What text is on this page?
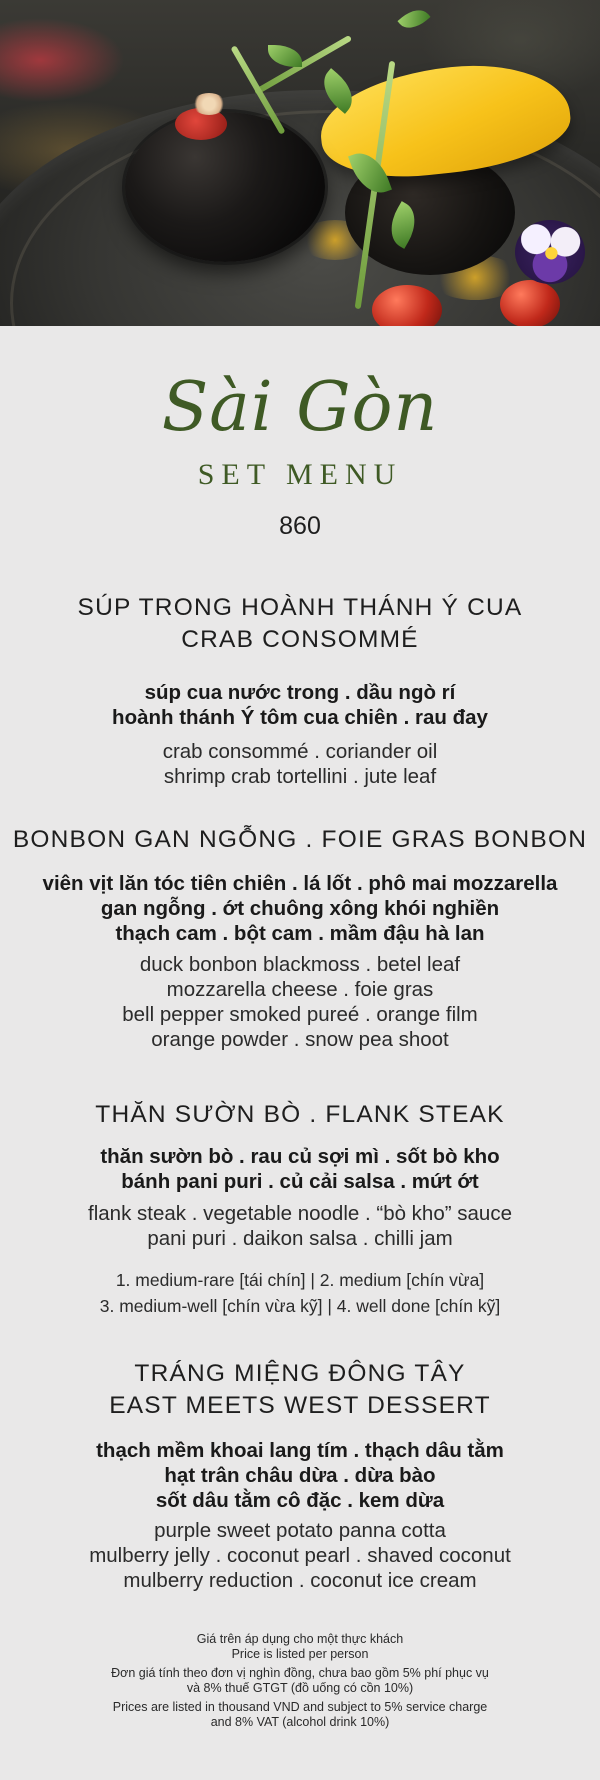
Sài Gòn
SET MENU
860
SÚP TRONG HOÀNH THÁNH Ý CUA
CRAB CONSOMMÉ
súp cua nước trong . dầu ngò rí
hoành thánh Ý tôm cua chiên . rau đay
crab consommé . coriander oil
shrimp crab tortellini . jute leaf
BONBON GAN NGỖNG . FOIE GRAS BONBON
viên vịt lăn tóc tiên chiên . lá lốt . phô mai mozzarella
gan ngỗng . ớt chuông xông khói nghiền
thạch cam . bột cam . mầm đậu hà lan
duck bonbon blackmoss . betel leaf
mozzarella cheese . foie gras
bell pepper smoked pureé . orange film
orange powder . snow pea shoot
THĂN SƯỜN BÒ . FLANK STEAK
thăn sườn bò . rau củ sợi mì . sốt bò kho
bánh pani puri . củ cải salsa . mứt ớt
flank steak . vegetable noodle . “bò kho” sauce
pani puri . daikon salsa . chilli jam
1. medium-rare [tái chín] | 2. medium [chín vừa]
3. medium-well [chín vừa kỹ] | 4. well done [chín kỹ]
TRÁNG MIỆNG ĐÔNG TÂY
EAST MEETS WEST DESSERT
thạch mềm khoai lang tím . thạch dâu tằm
hạt trân châu dừa . dừa bào
sốt dâu tằm cô đặc . kem dừa
purple sweet potato panna cotta
mulberry jelly . coconut pearl . shaved coconut
mulberry reduction . coconut ice cream
Giá trên áp dụng cho một thực khách
Price is listed per person
Đơn giá tính theo đơn vị nghìn đồng, chưa bao gồm 5% phí phục vụ
và 8% thuế GTGT (đồ uống có cồn 10%)
Prices are listed in thousand VND and subject to 5% service charge
and 8% VAT (alcohol drink 10%)
